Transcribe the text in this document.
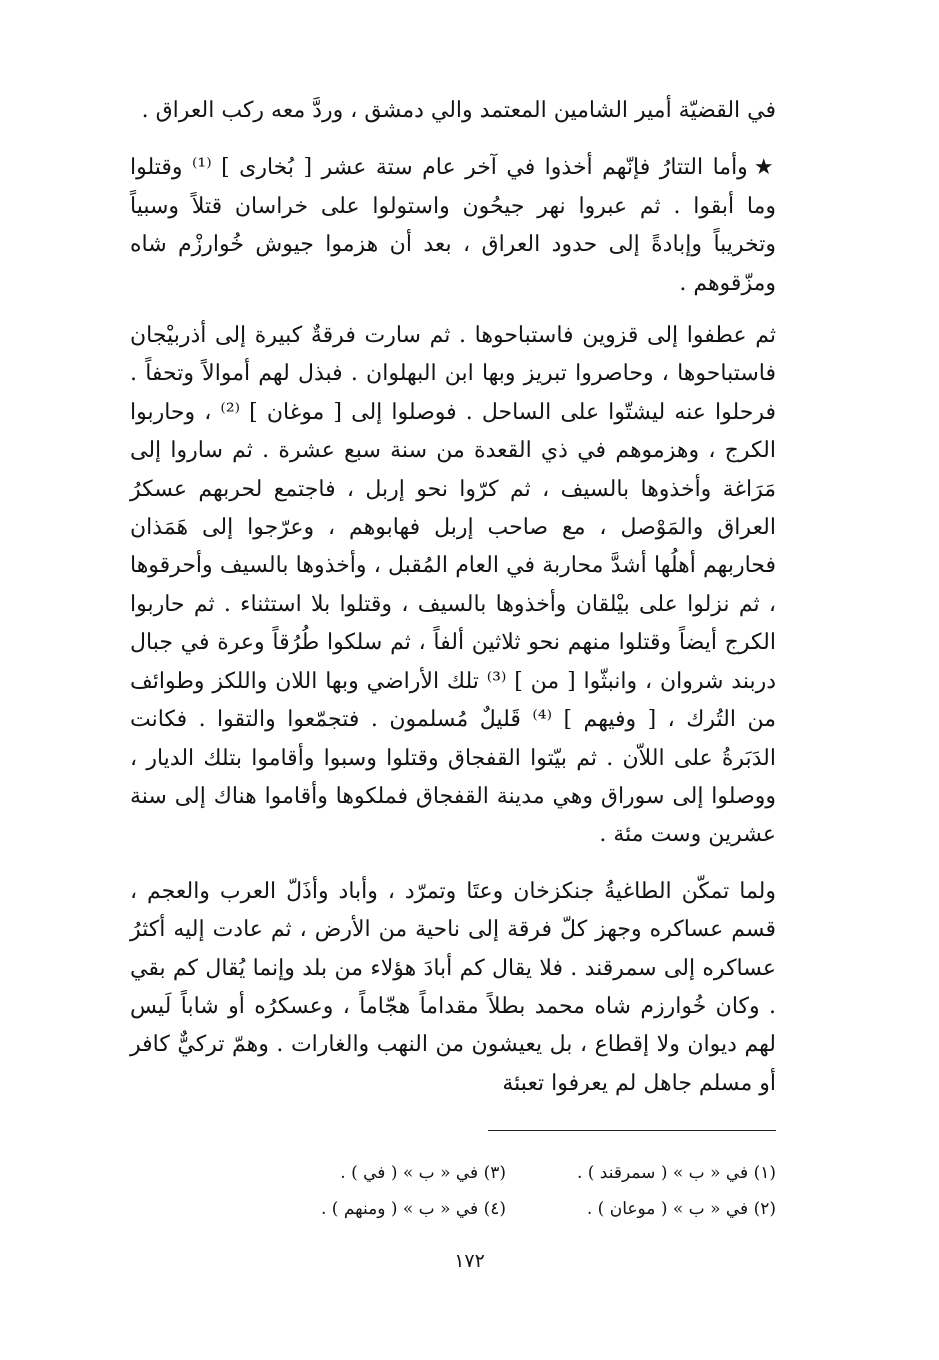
في القضيّة أمير الشامين المعتمد والي دمشق ، وردَّ معه ركب العراق .

★وأما التتارُ فإنّهم أخذوا في آخر عام ستة عشر [ بُخارى ] ⁽¹⁾ وقتلوا وما أبقوا . ثم عبروا نهر جيحُون واستولوا على خراسان قتلاً وسبياً وتخريباً وإبادةً إلى حدود العراق ، بعد أن هزموا جيوش خُوارزْم شاه ومزّقوهم .

ثم عطفوا إلى قزوين فاستباحوها . ثم سارت فرقةٌ كبيرة إلى أذربيْجان فاستباحوها ، وحاصروا تبريز وبها ابن البهلوان . فبذل لهم أموالاً وتحفاً . فرحلوا عنه ليشتّوا على الساحل . فوصلوا إلى [ موغان ] ⁽²⁾ ، وحاربوا الكرج ، وهزموهم في ذي القعدة من سنة سبع عشرة . ثم ساروا إلى مَرَاغة وأخذوها بالسيف ، ثم كرّوا نحو إربل ، فاجتمع لحربهم عسكرُ العراق والمَوْصل ، مع صاحب إربل فهابوهم ، وعرّجوا إلى هَمَذان فحاربهم أهلُها أشدَّ محاربة في العام المُقبل ، وأخذوها بالسيف وأحرقوها ، ثم نزلوا على بيْلقان وأخذوها بالسيف ، وقتلوا بلا استثناء . ثم حاربوا الكرج أيضاً وقتلوا منهم نحو ثلاثين ألفاً ، ثم سلكوا طُرُقاً وعرة في جبال دربند شروان ، وانبثّوا [ من ] ⁽³⁾ تلك الأراضي وبها اللان واللكز وطوائف من التُرك ، [ وفيهم ] ⁽⁴⁾ قَليلٌ مُسلمون . فتجمّعوا والتقوا . فكانت الدَبَرةُ على اللاّن . ثم بيّتوا القفجاق وقتلوا وسبوا وأقاموا بتلك الديار ، ووصلوا إلى سوراق وهي مدينة القفجاق فملكوها وأقاموا هناك إلى سنة عشرين وست مئة .

ولما تمكّن الطاغيةُ جنكزخان وعتَا وتمرّد ، وأباد وأذَلّ العرب والعجم ، قسم عساكره وجهز كلّ فرقة إلى ناحية من الأرض ، ثم عادت إليه أكثرُ عساكره إلى سمرقند . فلا يقال كم أبادَ هؤلاء من بلد وإنما يُقال كم بقي . وكان خُوارزم شاه محمد بطلاً مقداماً هجّاماً ، وعسكرُه أو شاباً لَيس لهم ديوان ولا إقطاع ، بل يعيشون من النهب والغارات . وهمّ تركيٌّ كافر أو مسلم جاهل لم يعرفوا تعبئة

(١) في « ب » ( سمرقند ) .
(٣) في « ب » ( في ) .
(٢) في « ب » ( موعان ) .
(٤) في « ب » ( ومنهم ) .
١٧٢
